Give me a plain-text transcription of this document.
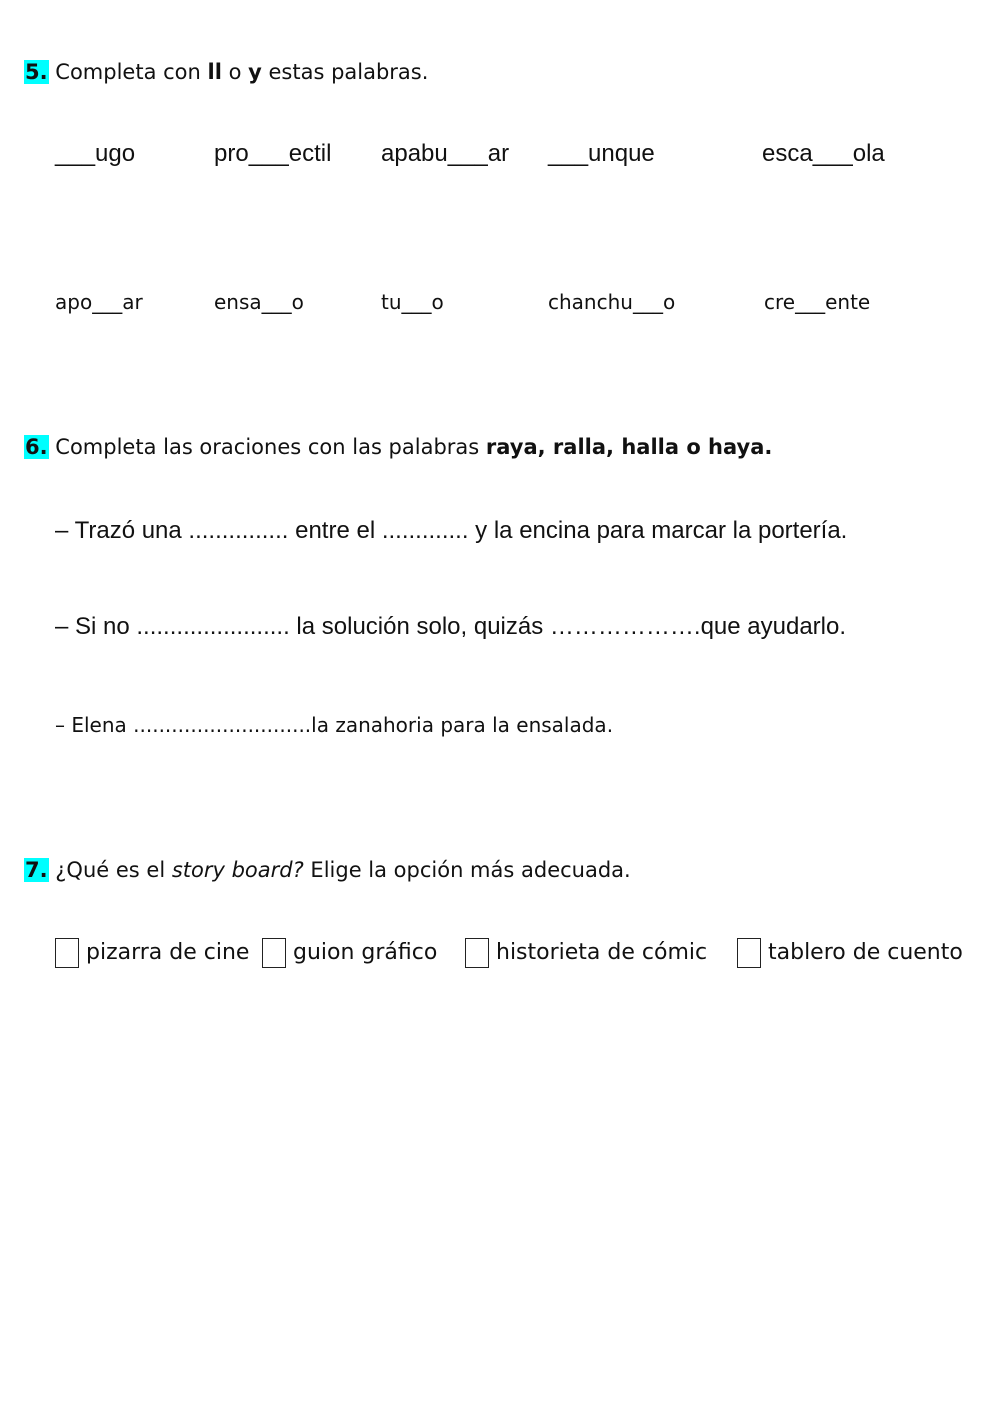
5. Completa con ll o y estas palabras.
___ugo	pro___ectil apabu___ar ___unque	esca___ola
apo___ar	ensa___o	tu___o	chanchu___o	cre___ente
6. Completa las oraciones con las palabras raya, ralla, halla o haya.
– Trazó una ............... entre el ............. y la encina para marcar la portería.
– Si no ....................... la solución solo, quizás ……………….que ayudarlo.
– Elena ............................la zanahoria para la ensalada.
7. ¿Qué es el story board? Elige la opción más adecuada.
pizarra de cine guion gráfico	historieta de cómic	tablero de cuento
